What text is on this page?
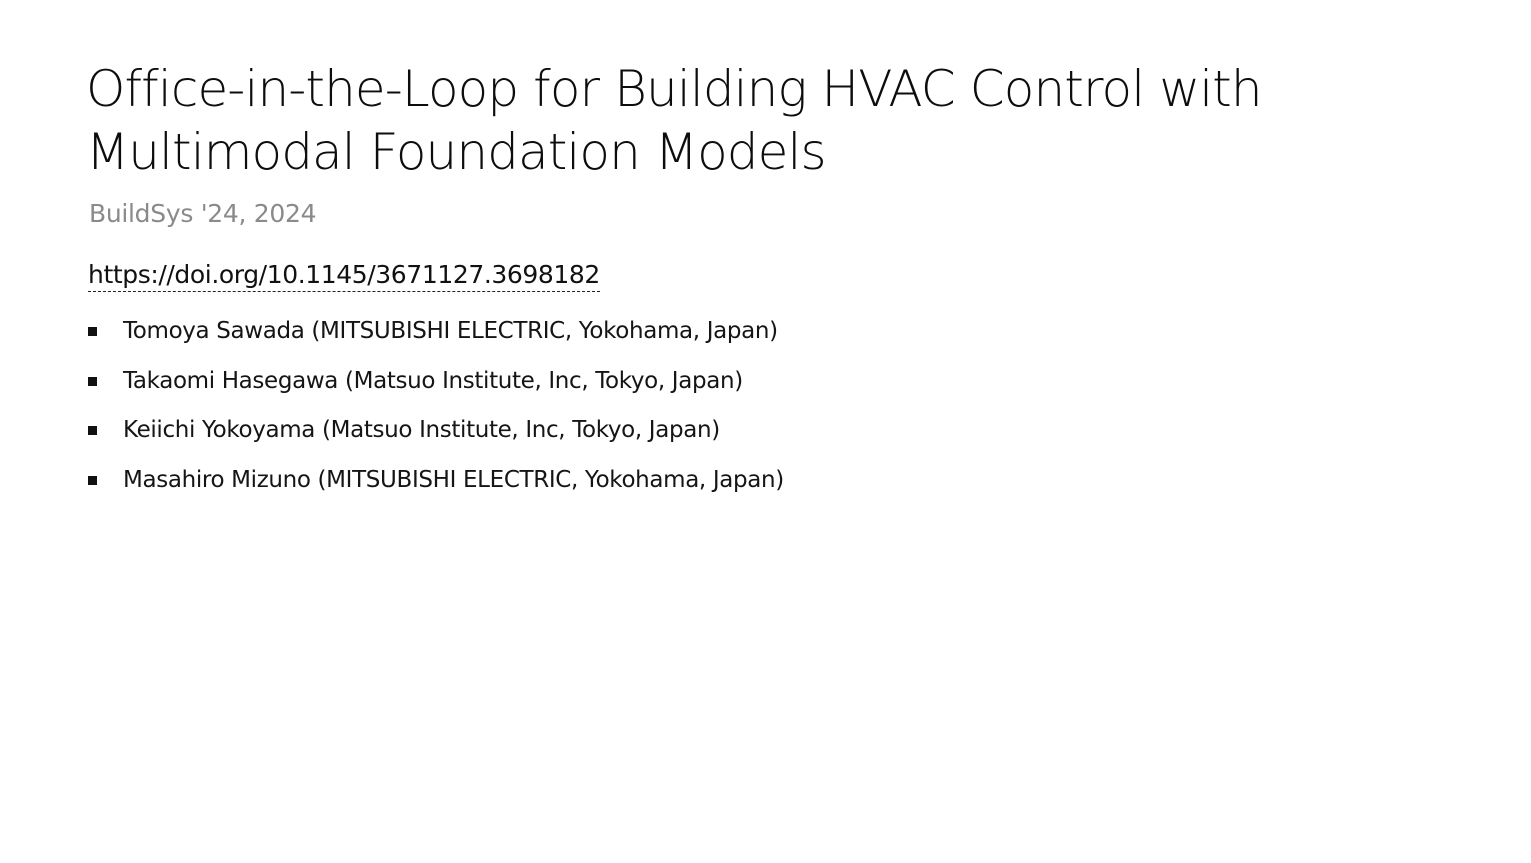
Office-in-the-Loop for Building HVAC Control with Multimodal Foundation Models
BuildSys '24, 2024
https://doi.org/10.1145/3671127.3698182
Tomoya Sawada (MITSUBISHI ELECTRIC, Yokohama, Japan)
Takaomi Hasegawa (Matsuo Institute, Inc, Tokyo, Japan)
Keiichi Yokoyama (Matsuo Institute, Inc, Tokyo, Japan)
Masahiro Mizuno (MITSUBISHI ELECTRIC, Yokohama, Japan)
